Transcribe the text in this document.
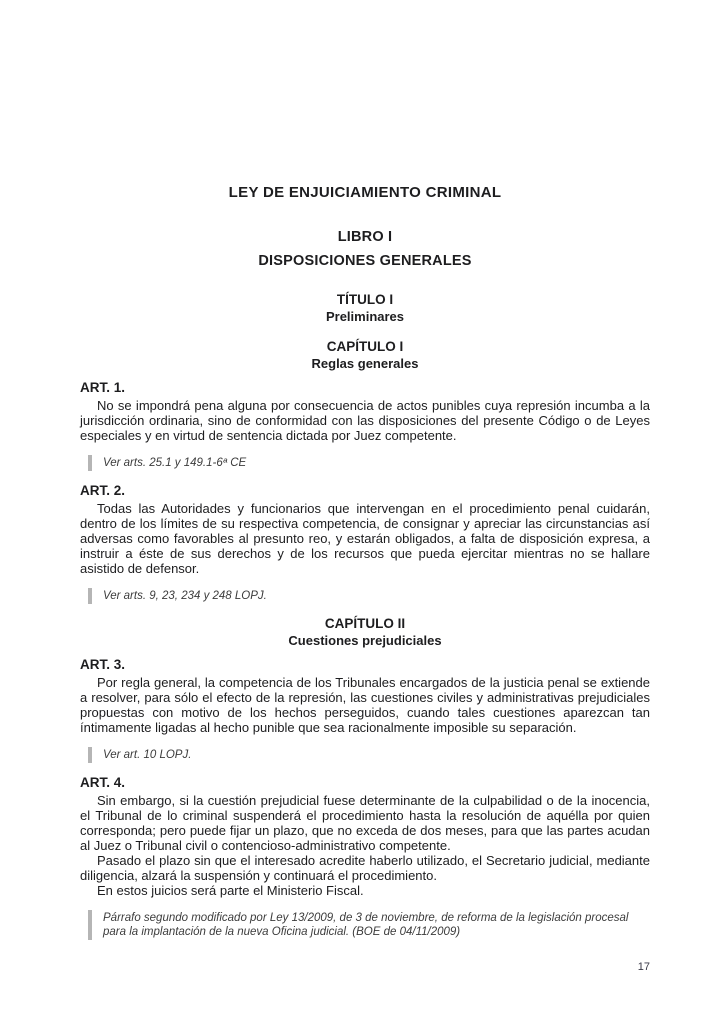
LEY DE ENJUICIAMIENTO CRIMINAL
LIBRO I
DISPOSICIONES GENERALES
TÍTULO I
Preliminares
CAPÍTULO I
Reglas generales
ART. 1.

No se impondrá pena alguna por consecuencia de actos punibles cuya represión incumba a la jurisdicción ordinaria, sino de conformidad con las disposiciones del presente Código o de Leyes especiales y en virtud de sentencia dictada por Juez competente.

Ver arts. 25.1 y 149.1-6ª CE

ART. 2.

Todas las Autoridades y funcionarios que intervengan en el procedimiento penal cuidarán, dentro de los límites de su respectiva competencia, de consignar y apreciar las circunstancias así adversas como favorables al presunto reo, y estarán obligados, a falta de disposición expresa, a instruir a éste de sus derechos y de los recursos que pueda ejercitar mientras no se hallare asistido de defensor.

Ver arts. 9, 23, 234 y 248 LOPJ.

CAPÍTULO II
Cuestiones prejudiciales
ART. 3.

Por regla general, la competencia de los Tribunales encargados de la justicia penal se extiende a resolver, para sólo el efecto de la represión, las cuestiones civiles y administrativas prejudiciales propuestas con motivo de los hechos perseguidos, cuando tales cuestiones aparezcan tan íntimamente ligadas al hecho punible que sea racionalmente imposible su separación.

Ver art. 10 LOPJ.

ART. 4.

Sin embargo, si la cuestión prejudicial fuese determinante de la culpabilidad o de la inocencia, el Tribunal de lo criminal suspenderá el procedimiento hasta la resolución de aquélla por quien corresponda; pero puede fijar un plazo, que no exceda de dos meses, para que las partes acudan al Juez o Tribunal civil o contencioso-administrativo competente.

Pasado el plazo sin que el interesado acredite haberlo utilizado, el Secretario judicial, mediante diligencia, alzará la suspensión y continuará el procedimiento.

En estos juicios será parte el Ministerio Fiscal.

Párrafo segundo modificado por Ley 13/2009, de 3 de noviembre, de reforma de la legislación procesal para la implantación de la nueva Oficina judicial. (BOE de 04/11/2009)

17
